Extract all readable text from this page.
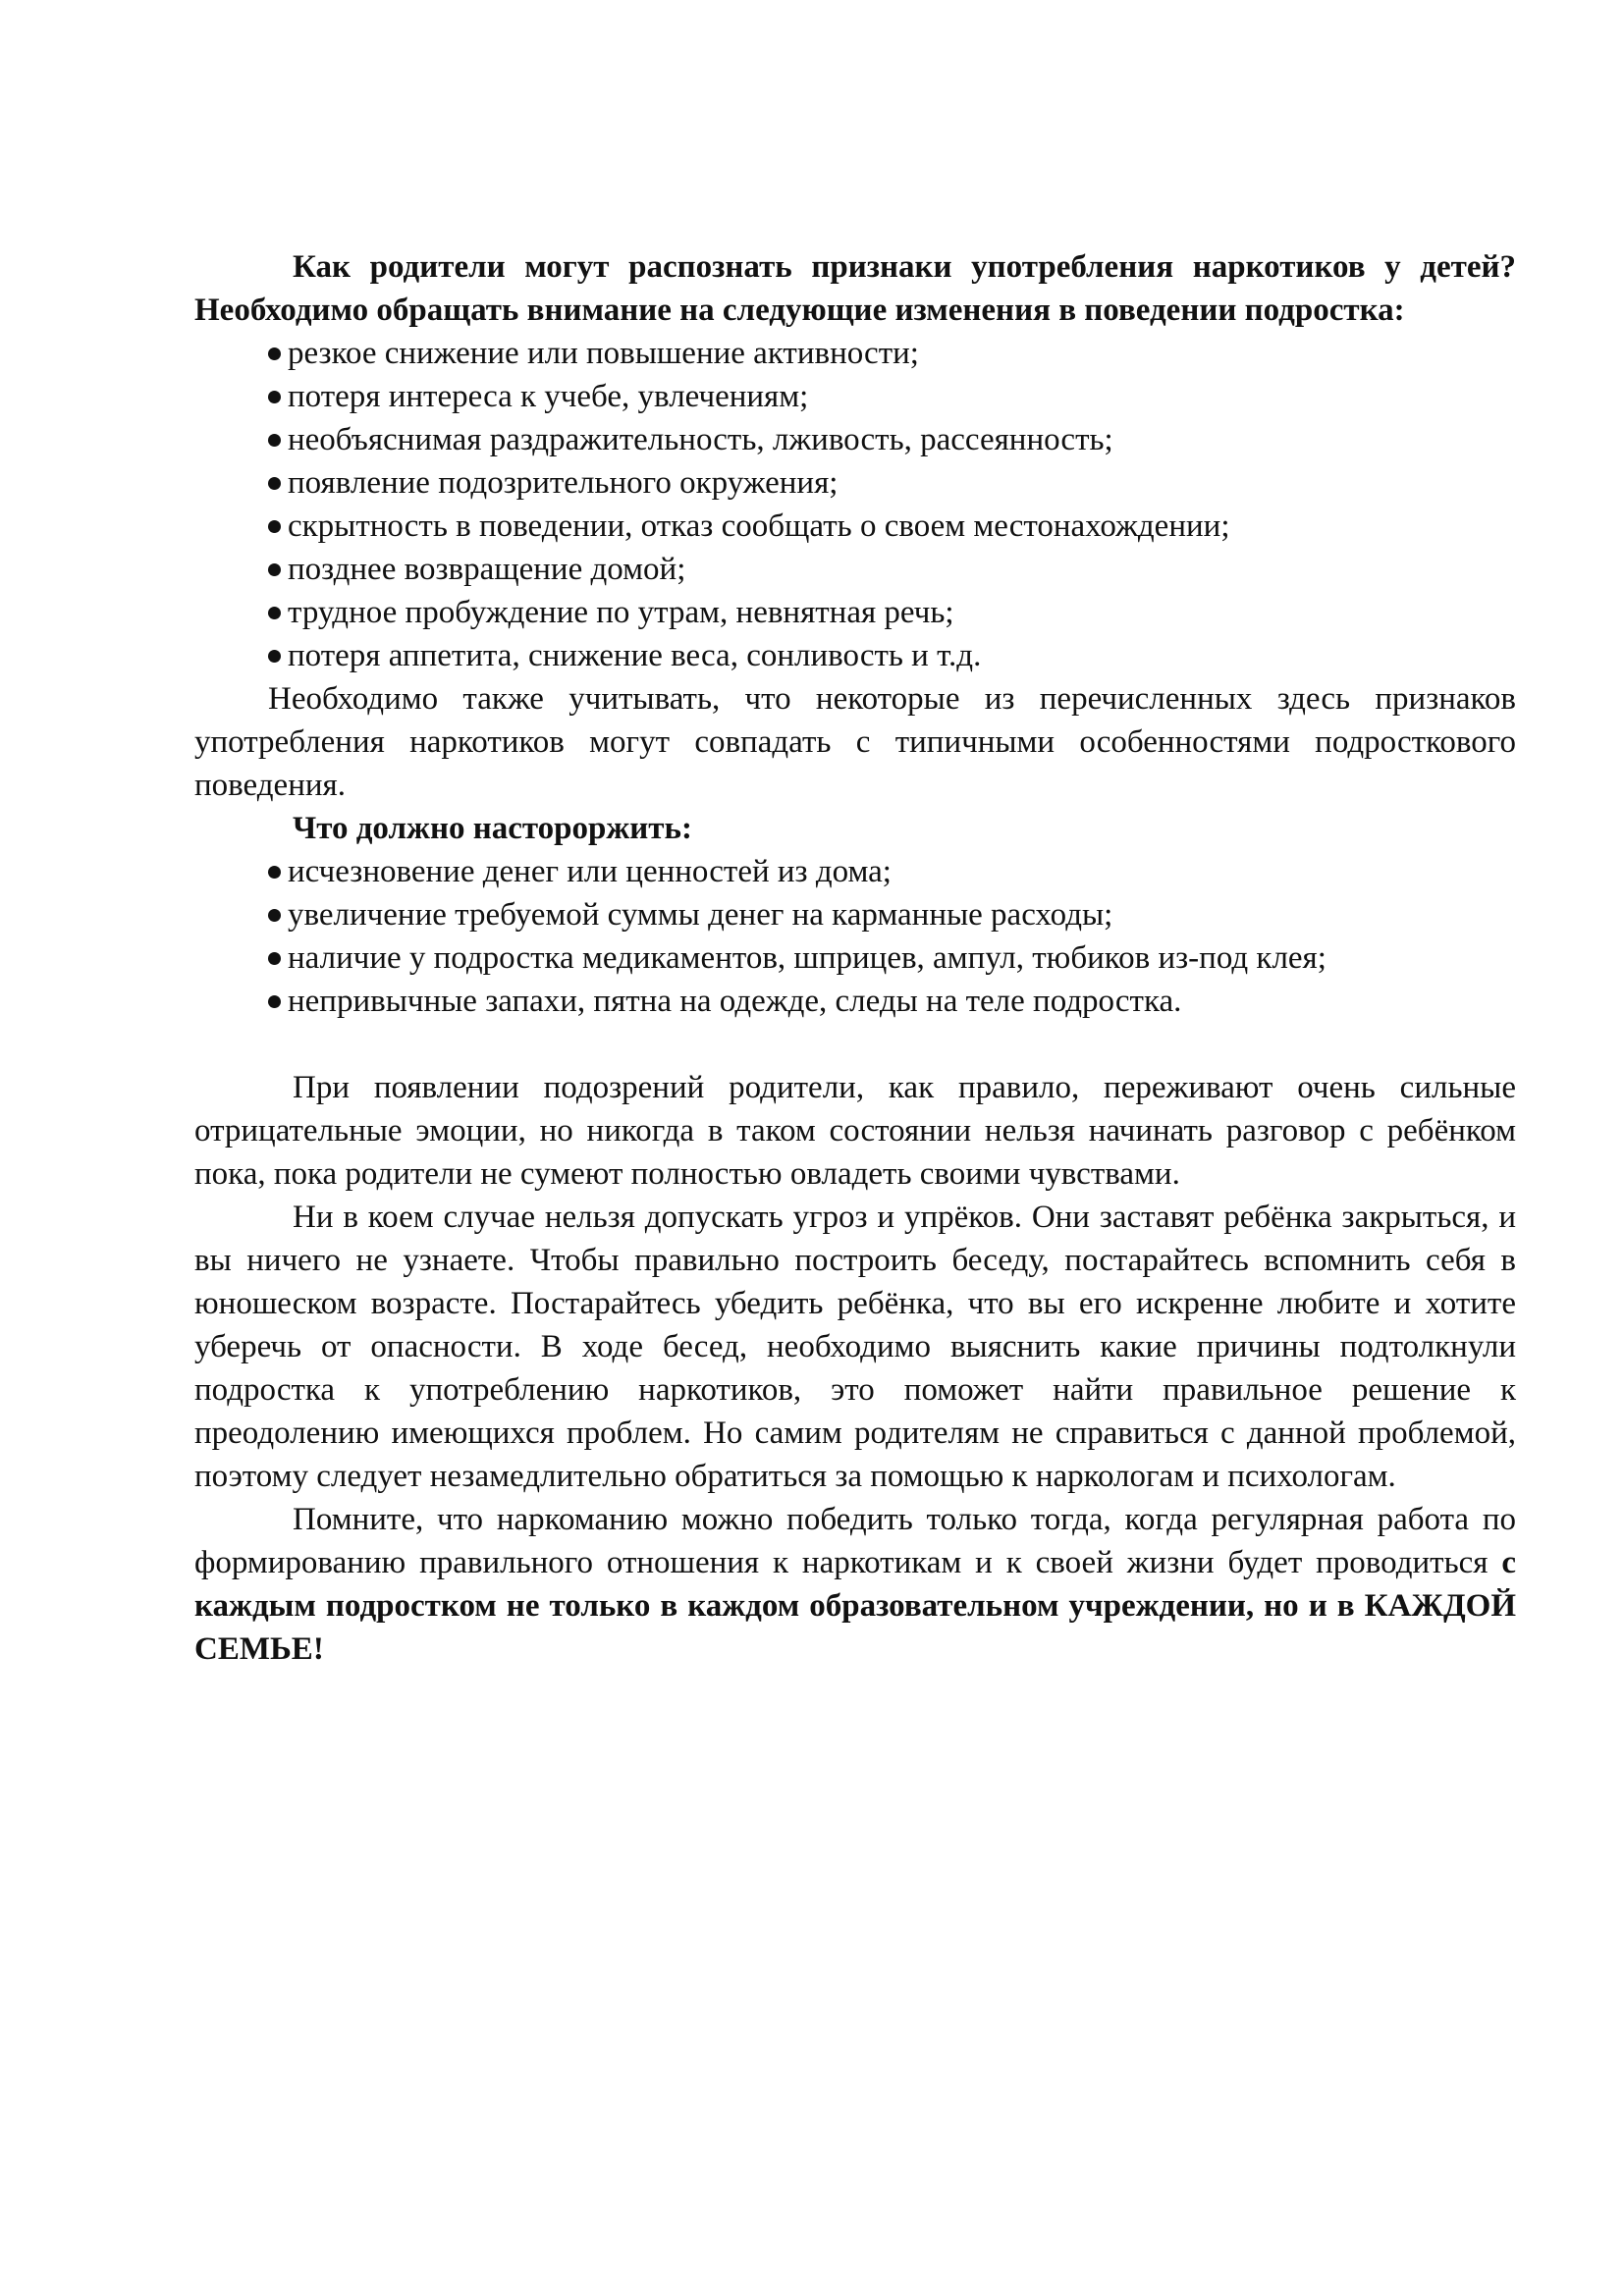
Как родители могут распознать признаки употребления наркотиков у детей? Необходимо обращать внимание на следующие изменения в поведении подростка:

резкое снижение или повышение активности;
потеря интереса к учебе, увлечениям;
необъяснимая раздражительность, лживость, рассеянность;
появление подозрительного окружения;
скрытность в поведении, отказ сообщать о своем местонахождении;
позднее возвращение домой;
трудное пробуждение по утрам, невнятная речь;
потеря аппетита, снижение веса, сонливость и т.д.

Необходимо также учитывать, что некоторые из перечисленных здесь признаков употребления наркотиков могут совпадать с типичными особенностями подросткового поведения.

Что должно настороржить:

исчезновение денег или ценностей из дома;
увеличение требуемой суммы денег на карманные расходы;
наличие у подростка медикаментов, шприцев, ампул, тюбиков из-под клея;
непривычные запахи, пятна на одежде, следы на теле подростка.

При появлении подозрений родители, как правило, переживают очень сильные отрицательные эмоции, но никогда в таком состоянии нельзя начинать разговор с ребёнком пока, пока родители не сумеют полностью овладеть своими чувствами.

Ни в коем случае нельзя допускать угроз и упрёков. Они заставят ребёнка закрыться, и вы ничего не узнаете. Чтобы правильно построить беседу, постарайтесь вспомнить себя в юношеском возрасте. Постарайтесь убедить ребёнка, что вы его искренне любите и хотите уберечь от опасности. В ходе бесед, необходимо выяснить какие причины подтолкнули подростка к употреблению наркотиков, это поможет найти правильное решение к преодолению имеющихся проблем. Но самим родителям не справиться с данной проблемой, поэтому следует незамедлительно обратиться за помощью к наркологам и психологам.

Помните, что наркоманию можно победить только тогда, когда регулярная работа по формированию правильного отношения к наркотикам и к своей жизни будет проводиться с каждым подростком не только в каждом образовательном учреждении, но и в КАЖДОЙ СЕМЬЕ!
